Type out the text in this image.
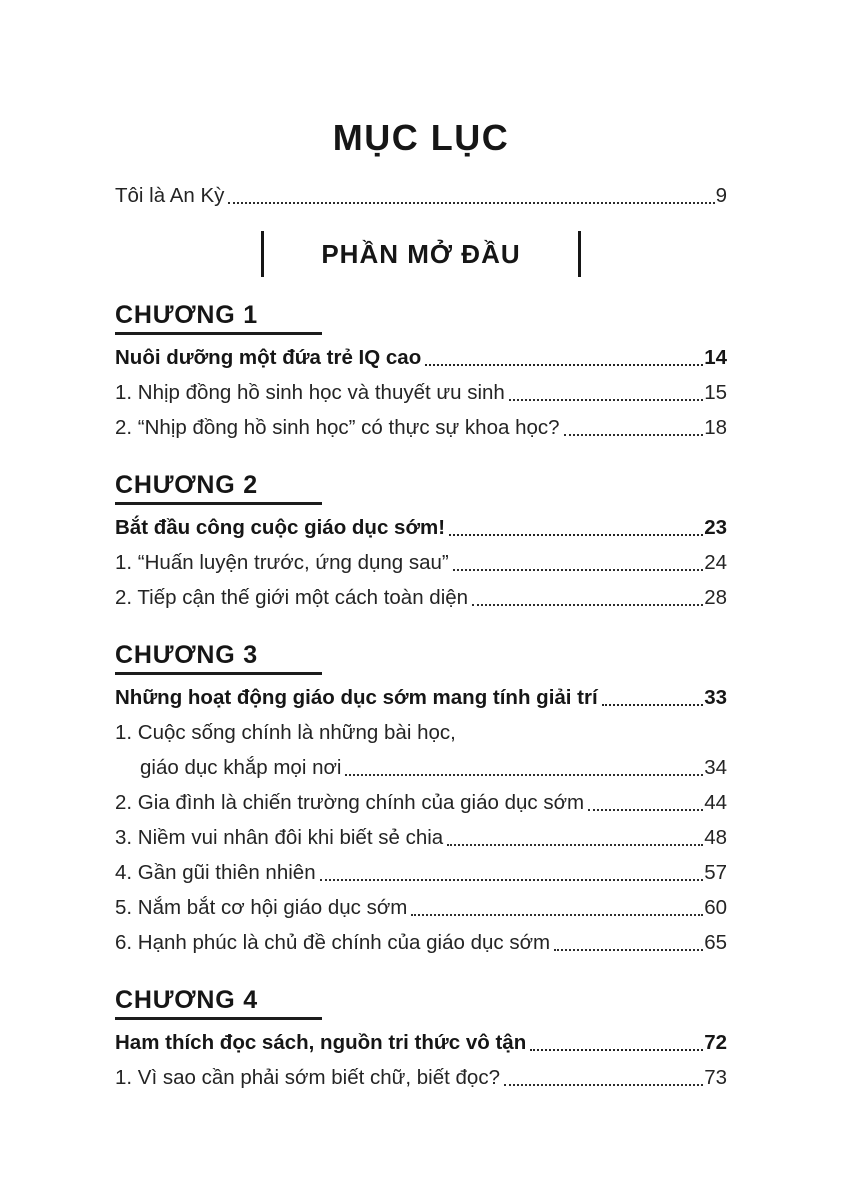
MỤC LỤC
Tôi là An Kỳ	9
PHẦN MỞ ĐẦU
CHƯƠNG 1
Nuôi dưỡng một đứa trẻ IQ cao	14
1. Nhịp đồng hồ sinh học và thuyết ưu sinh	15
2. “Nhịp đồng hồ sinh học” có thực sự khoa học?	18
CHƯƠNG 2
Bắt đầu công cuộc giáo dục sớm!	23
1. “Huấn luyện trước, ứng dụng sau”	24
2. Tiếp cận thế giới một cách toàn diện	28
CHƯƠNG 3
Những hoạt động giáo dục sớm mang tính giải trí	33
1. Cuộc sống chính là những bài học,
giáo dục khắp mọi nơi	34
2. Gia đình là chiến trường chính của giáo dục sớm	44
3. Niềm vui nhân đôi khi biết sẻ chia	48
4. Gần gũi thiên nhiên	57
5. Nắm bắt cơ hội giáo dục sớm	60
6. Hạnh phúc là chủ đề chính của giáo dục sớm	65
CHƯƠNG 4
Ham thích đọc sách, nguồn tri thức vô tận	72
1. Vì sao cần phải sớm biết chữ, biết đọc?	73
